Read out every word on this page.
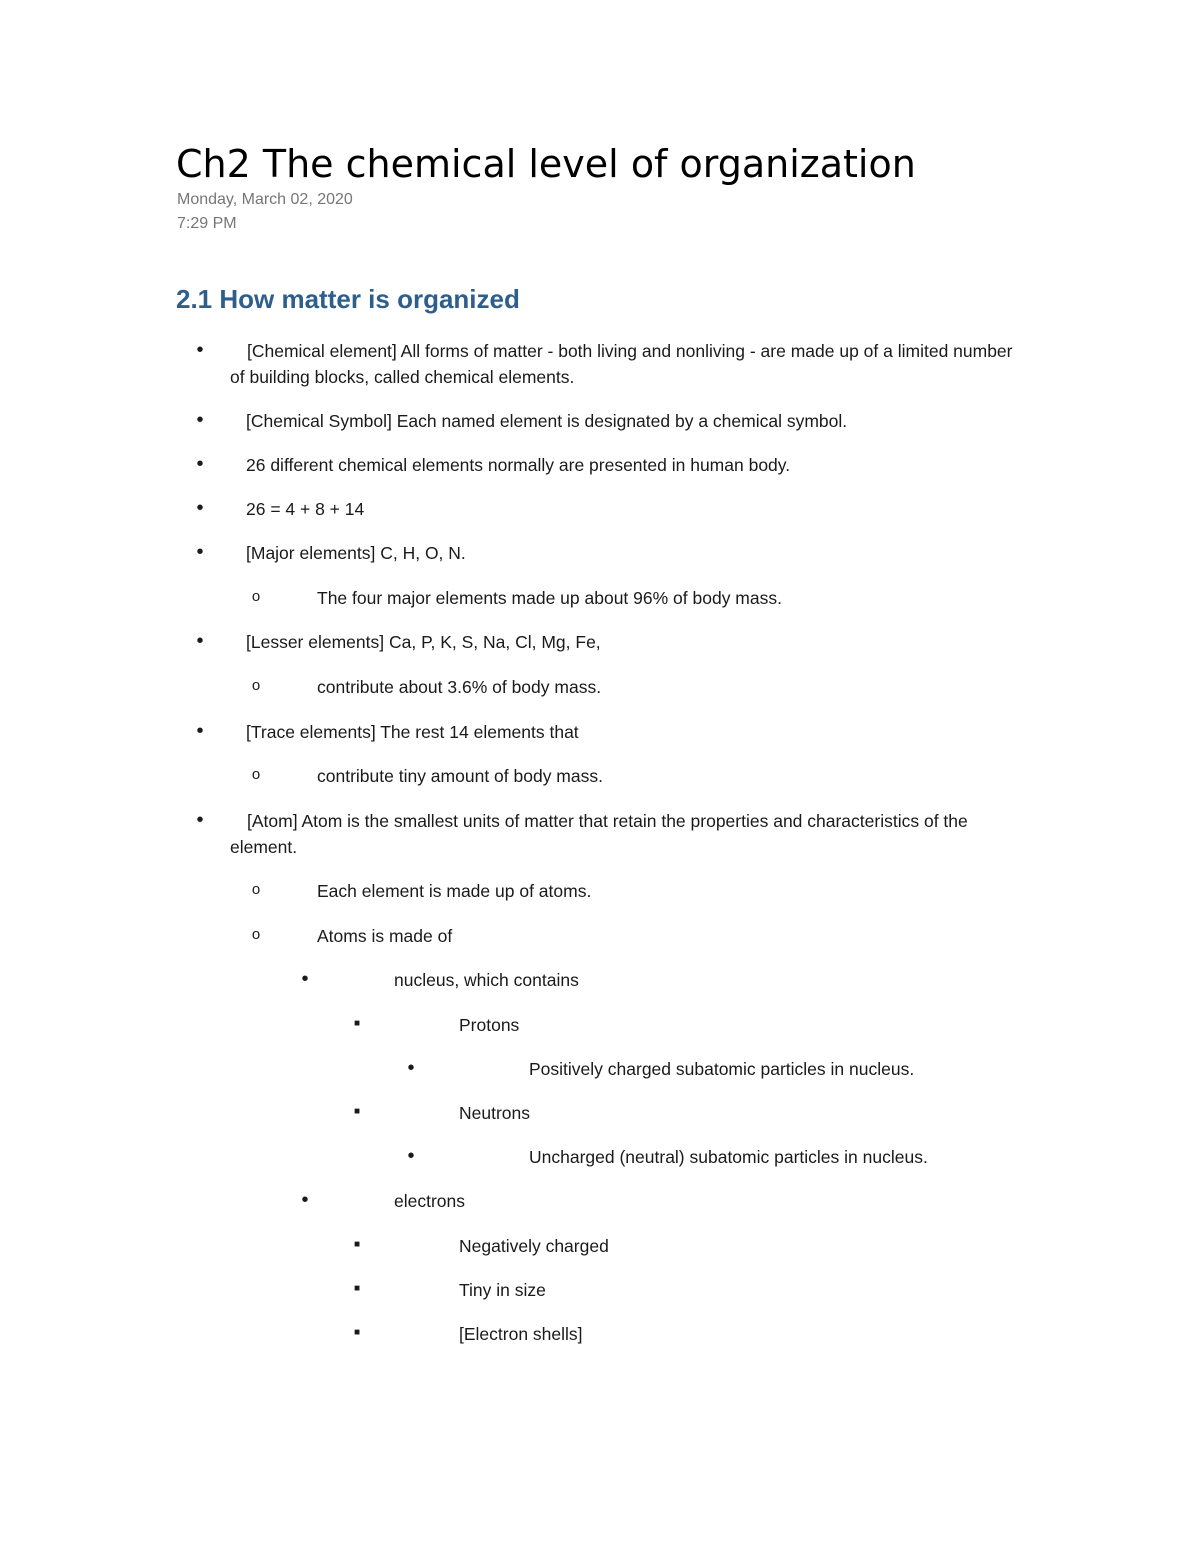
Ch2 The chemical level of organization
Monday, March 02, 2020
7:29 PM
2.1 How matter is organized
•	[Chemical element] All forms of matter - both living and nonliving - are made up of a limited number of building blocks, called chemical elements.
• [Chemical Symbol] Each named element is designated by a chemical symbol.
• 26 different chemical elements normally are presented in human body.
• 26 = 4 + 8 + 14
• [Major elements] C, H, O, N.
o	The four major elements made up about 96% of body mass.
• [Lesser elements] Ca, P, K, S, Na, Cl, Mg, Fe,
o	contribute about 3.6% of body mass.
• [Trace elements] The rest 14 elements that
o	contribute tiny amount of body mass.
•	[Atom] Atom is the smallest units of matter that retain the properties and characteristics of the element.
o	Each element is made up of atoms.
o	Atoms is made of
•	nucleus, which contains
■	Protons
•	Positively charged subatomic particles in nucleus.
■	Neutrons
•	Uncharged (neutral) subatomic particles in nucleus.
•	electrons
■	Negatively charged
■	Tiny in size
■	[Electron shells]
